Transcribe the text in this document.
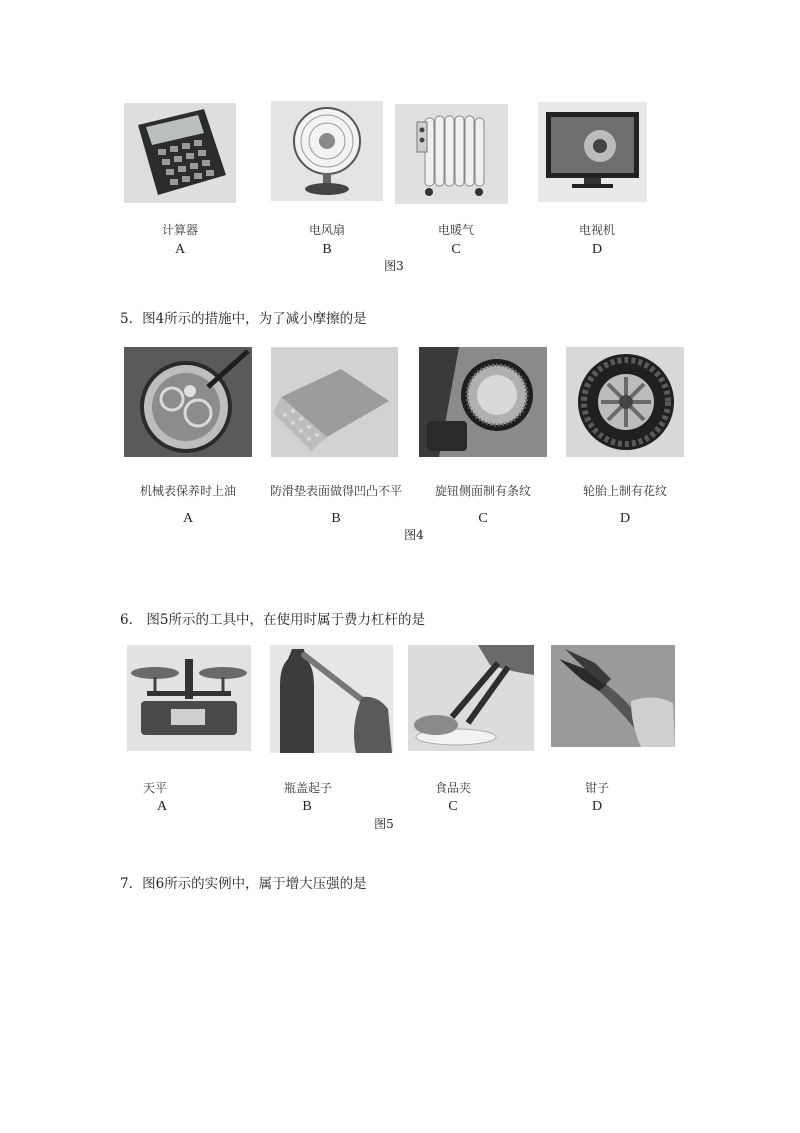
计算器
A
电风扇
B
电暖气
C
电视机
D
图3
5．图4所示的措施中，为了减小摩擦的是
机械表保养时上油
A
防滑垫表面做得凹凸不平
B
旋钮侧面制有条纹
C
轮胎上制有花纹
D
图4
6． 图5所示的工具中，在使用时属于费力杠杆的是
天平
A
瓶盖起子
B
食品夹
C
钳子
D
图5
7．图6所示的实例中，属于增大压强的是
